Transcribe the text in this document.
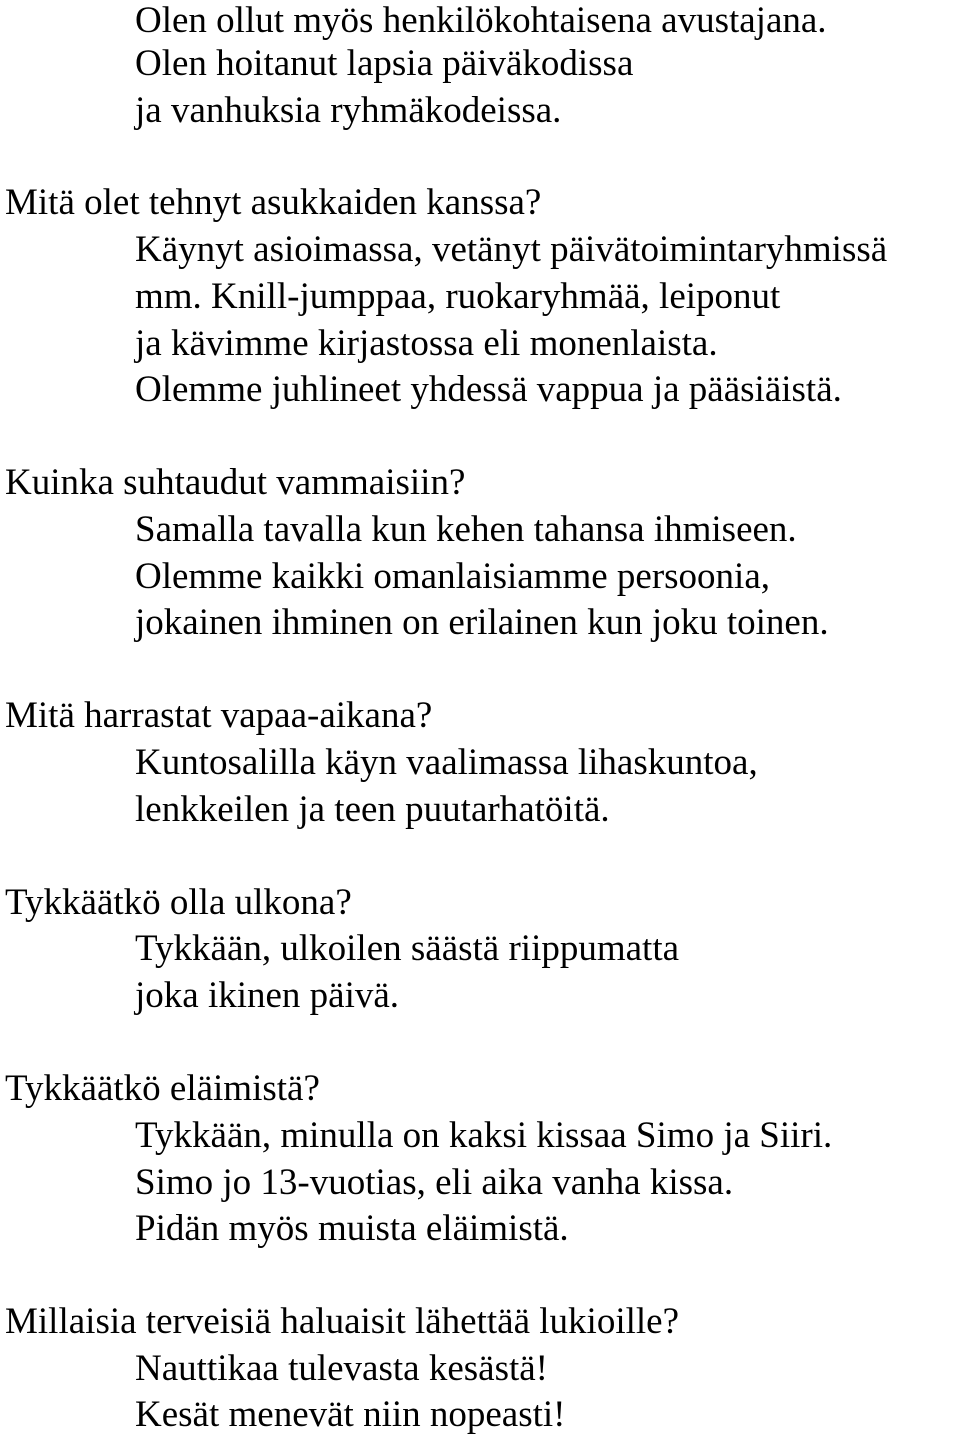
Olen ollut myös henkilökohtaisena avustajana.

Olen hoitanut lapsia päiväkodissa

ja vanhuksia ryhmäkodeissa.

Mitä olet tehnyt asukkaiden kanssa?

Käynyt asioimassa, vetänyt päivätoimintaryhmissä

mm. Knill-jumppaa, ruokaryhmää, leiponut

ja kävimme kirjastossa eli monenlaista.

Olemme juhlineet yhdessä vappua ja pääsiäistä.

Kuinka suhtaudut vammaisiin?

Samalla tavalla kun kehen tahansa ihmiseen.

Olemme kaikki omanlaisiamme persoonia,

jokainen ihminen on erilainen kun joku toinen.

Mitä harrastat vapaa-aikana?

Kuntosalilla käyn vaalimassa lihaskuntoa,

lenkkeilen ja teen puutarhatöitä.

Tykkäätkö olla ulkona?

Tykkään, ulkoilen säästä riippumatta

joka ikinen päivä.

Tykkäätkö eläimistä?

Tykkään, minulla on kaksi kissaa Simo ja Siiri.

Simo jo 13-vuotias, eli aika vanha kissa.

Pidän myös muista eläimistä.

Millaisia terveisiä haluaisit lähettää lukioille?

Nauttikaa tulevasta kesästä!

Kesät menevät niin nopeasti!
